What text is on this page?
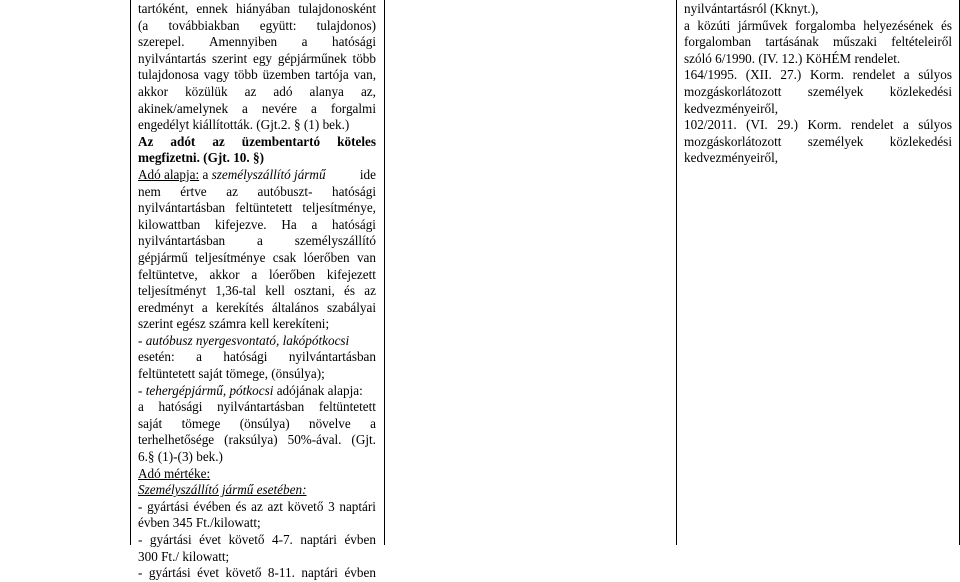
tartóként, ennek hiányában tulajdonosként
(a továbbiakban együtt: tulajdonos)
szerepel. Amennyiben a hatósági
nyilvántartás szerint egy gépjárműnek több
tulajdonosa vagy több üzemben tartója van,
akkor közülük az adó alanya az,
akinek/amelynek a nevére a forgalmi
engedélyt kiállították. (Gjt.2. § (1) bek.)
Az adót az üzembentartó köteles
megfizetni. (Gjt. 10. §)
Adó alapja: a személyszállító jármű ide
nem értve az autóbuszt- hatósági
nyilvántartásban feltüntetett teljesítménye,
kilowattban kifejezve. Ha a hatósági
nyilvántartásban a személyszállító
gépjármű teljesítménye csak lóerőben van
feltüntetve, akkor a lóerőben kifejezett
teljesítményt 1,36-tal kell osztani, és az
eredményt a kerekítés általános szabályai
szerint egész számra kell kerekíteni;
- autóbusz nyergesvontató, lakópótkocsi
esetén: a hatósági nyilvántartásban
feltüntetett saját tömege, (önsúlya);
- tehergépjármű, pótkocsi adójának alapja:
a hatósági nyilvántartásban feltüntetett
saját tömege (önsúlya) növelve a
terhelhetősége (raksúlya) 50%-ával. (Gjt.
6.§ (1)-(3) bek.)
Adó mértéke:
Személyszállító jármű esetében:
- gyártási évében és az azt követő 3 naptári
évben 345 Ft./kilowatt;
- gyártási évet követő 4-7. naptári évben
300 Ft./ kilowatt;
- gyártási évet követő 8-11. naptári évben
nyilvántartásról (Kknyt.),
a közúti járművek forgalomba helyezésének és
forgalomban tartásának műszaki feltételeiről
szóló 6/1990. (IV. 12.) KöHÉM rendelet.
164/1995. (XII. 27.) Korm. rendelet a súlyos
mozgáskorlátozott személyek közlekedési
kedvezményeiről,
102/2011. (VI. 29.) Korm. rendelet a súlyos
mozgáskorlátozott személyek közlekedési
kedvezményeiről,
